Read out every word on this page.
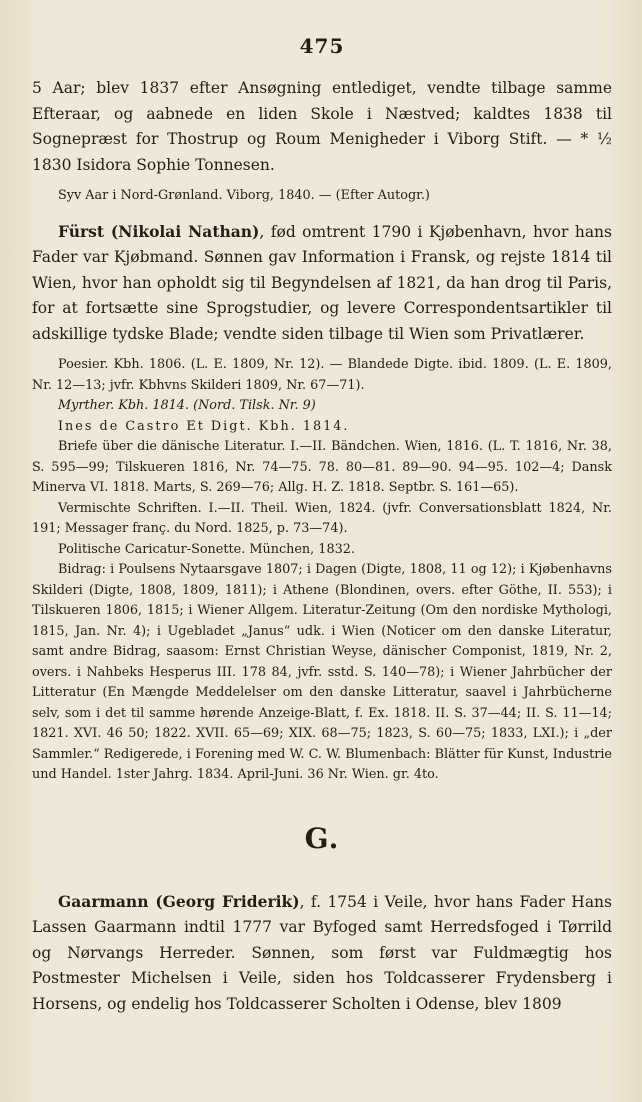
475

5 Aar; blev 1837 efter Ansøgning entlediget, vendte tilbage samme Efteraar, og aabnede en liden Skole i Næstved; kaldtes 1838 til Sognepræst for Thostrup og Roum Menigheder i Viborg Stift. — * ½ 1830 Isidora Sophie Tonnesen.

Syv Aar i Nord-Grønland. Viborg, 1840. — (Efter Autogr.)

Fürst (Nikolai Nathan), fød omtrent 1790 i Kjøbenhavn, hvor hans Fader var Kjøbmand. Sønnen gav Information i Fransk, og rejste 1814 til Wien, hvor han opholdt sig til Begyndelsen af 1821, da han drog til Paris, for at fortsætte sine Sprogstudier, og levere Correspondentsartikler til adskillige tydske Blade; vendte siden tilbage til Wien som Privatlærer.

Poesier. Kbh. 1806. (L. E. 1809, Nr. 12). — Blandede Digte. ibid. 1809. (L. E. 1809, Nr. 12—13; jvfr. Kbhvns Skilderi 1809, Nr. 67—71).

Myrther. Kbh. 1814. (Nord. Tilsk. Nr. 9)

Ines de Castro Et Digt. Kbh. 1814.

Briefe über die dänische Literatur. I.—II. Bändchen. Wien, 1816. (L. T. 1816, Nr. 38, S. 595—99; Tilskueren 1816, Nr. 74—75. 78. 80—81. 89—90. 94—95. 102—4; Dansk Minerva VI. 1818. Marts, S. 269—76; Allg. H. Z. 1818. Septbr. S. 161—65).

Vermischte Schriften. I.—II. Theil. Wien, 1824. (jvfr. Conversationsblatt 1824, Nr. 191; Messager franç. du Nord. 1825, p. 73—74).

Politische Caricatur-Sonette. München, 1832.

Bidrag: i Poulsens Nytaarsgave 1807; i Dagen (Digte, 1808, 11 og 12); i Kjøbenhavns Skilderi (Digte, 1808, 1809, 1811); i Athene (Blondinen, overs. efter Göthe, II. 553); i Tilskueren 1806, 1815; i Wiener Allgem. Literatur-Zeitung (Om den nordiske Mythologi, 1815, Jan. Nr. 4); i Ugebladet „Janus“ udk. i Wien (Noticer om den danske Literatur, samt andre Bidrag, saasom: Ernst Christian Weyse, dänischer Componist, 1819, Nr. 2, overs. i Nahbeks Hesperus III. 178 84, jvfr. sstd. S. 140—78); i Wiener Jahrbücher der Litteratur (En Mængde Meddelelser om den danske Litteratur, saavel i Jahrbücherne selv, som i det til samme hørende Anzeige-Blatt, f. Ex. 1818. II. S. 37—44; II. S. 11—14; 1821. XVI. 46 50; 1822. XVII. 65—69; XIX. 68—75; 1823, S. 60—75; 1833, LXI.); i „der Sammler.“ Redigerede, i Forening med W. C. W. Blumenbach: Blätter für Kunst, Industrie und Handel. 1ster Jahrg. 1834. April-Juni. 36 Nr. Wien. gr. 4to.

G.

Gaarmann (Georg Friderik), f. 1754 i Veile, hvor hans Fader Hans Lassen Gaarmann indtil 1777 var Byfoged samt Herredsfoged i Tørrild og Nørvangs Herreder. Sønnen, som først var Fuldmægtig hos Postmester Michelsen i Veile, siden hos Toldcasserer Frydensberg i Horsens, og endelig hos Toldcasserer Scholten i Odense, blev 1809
